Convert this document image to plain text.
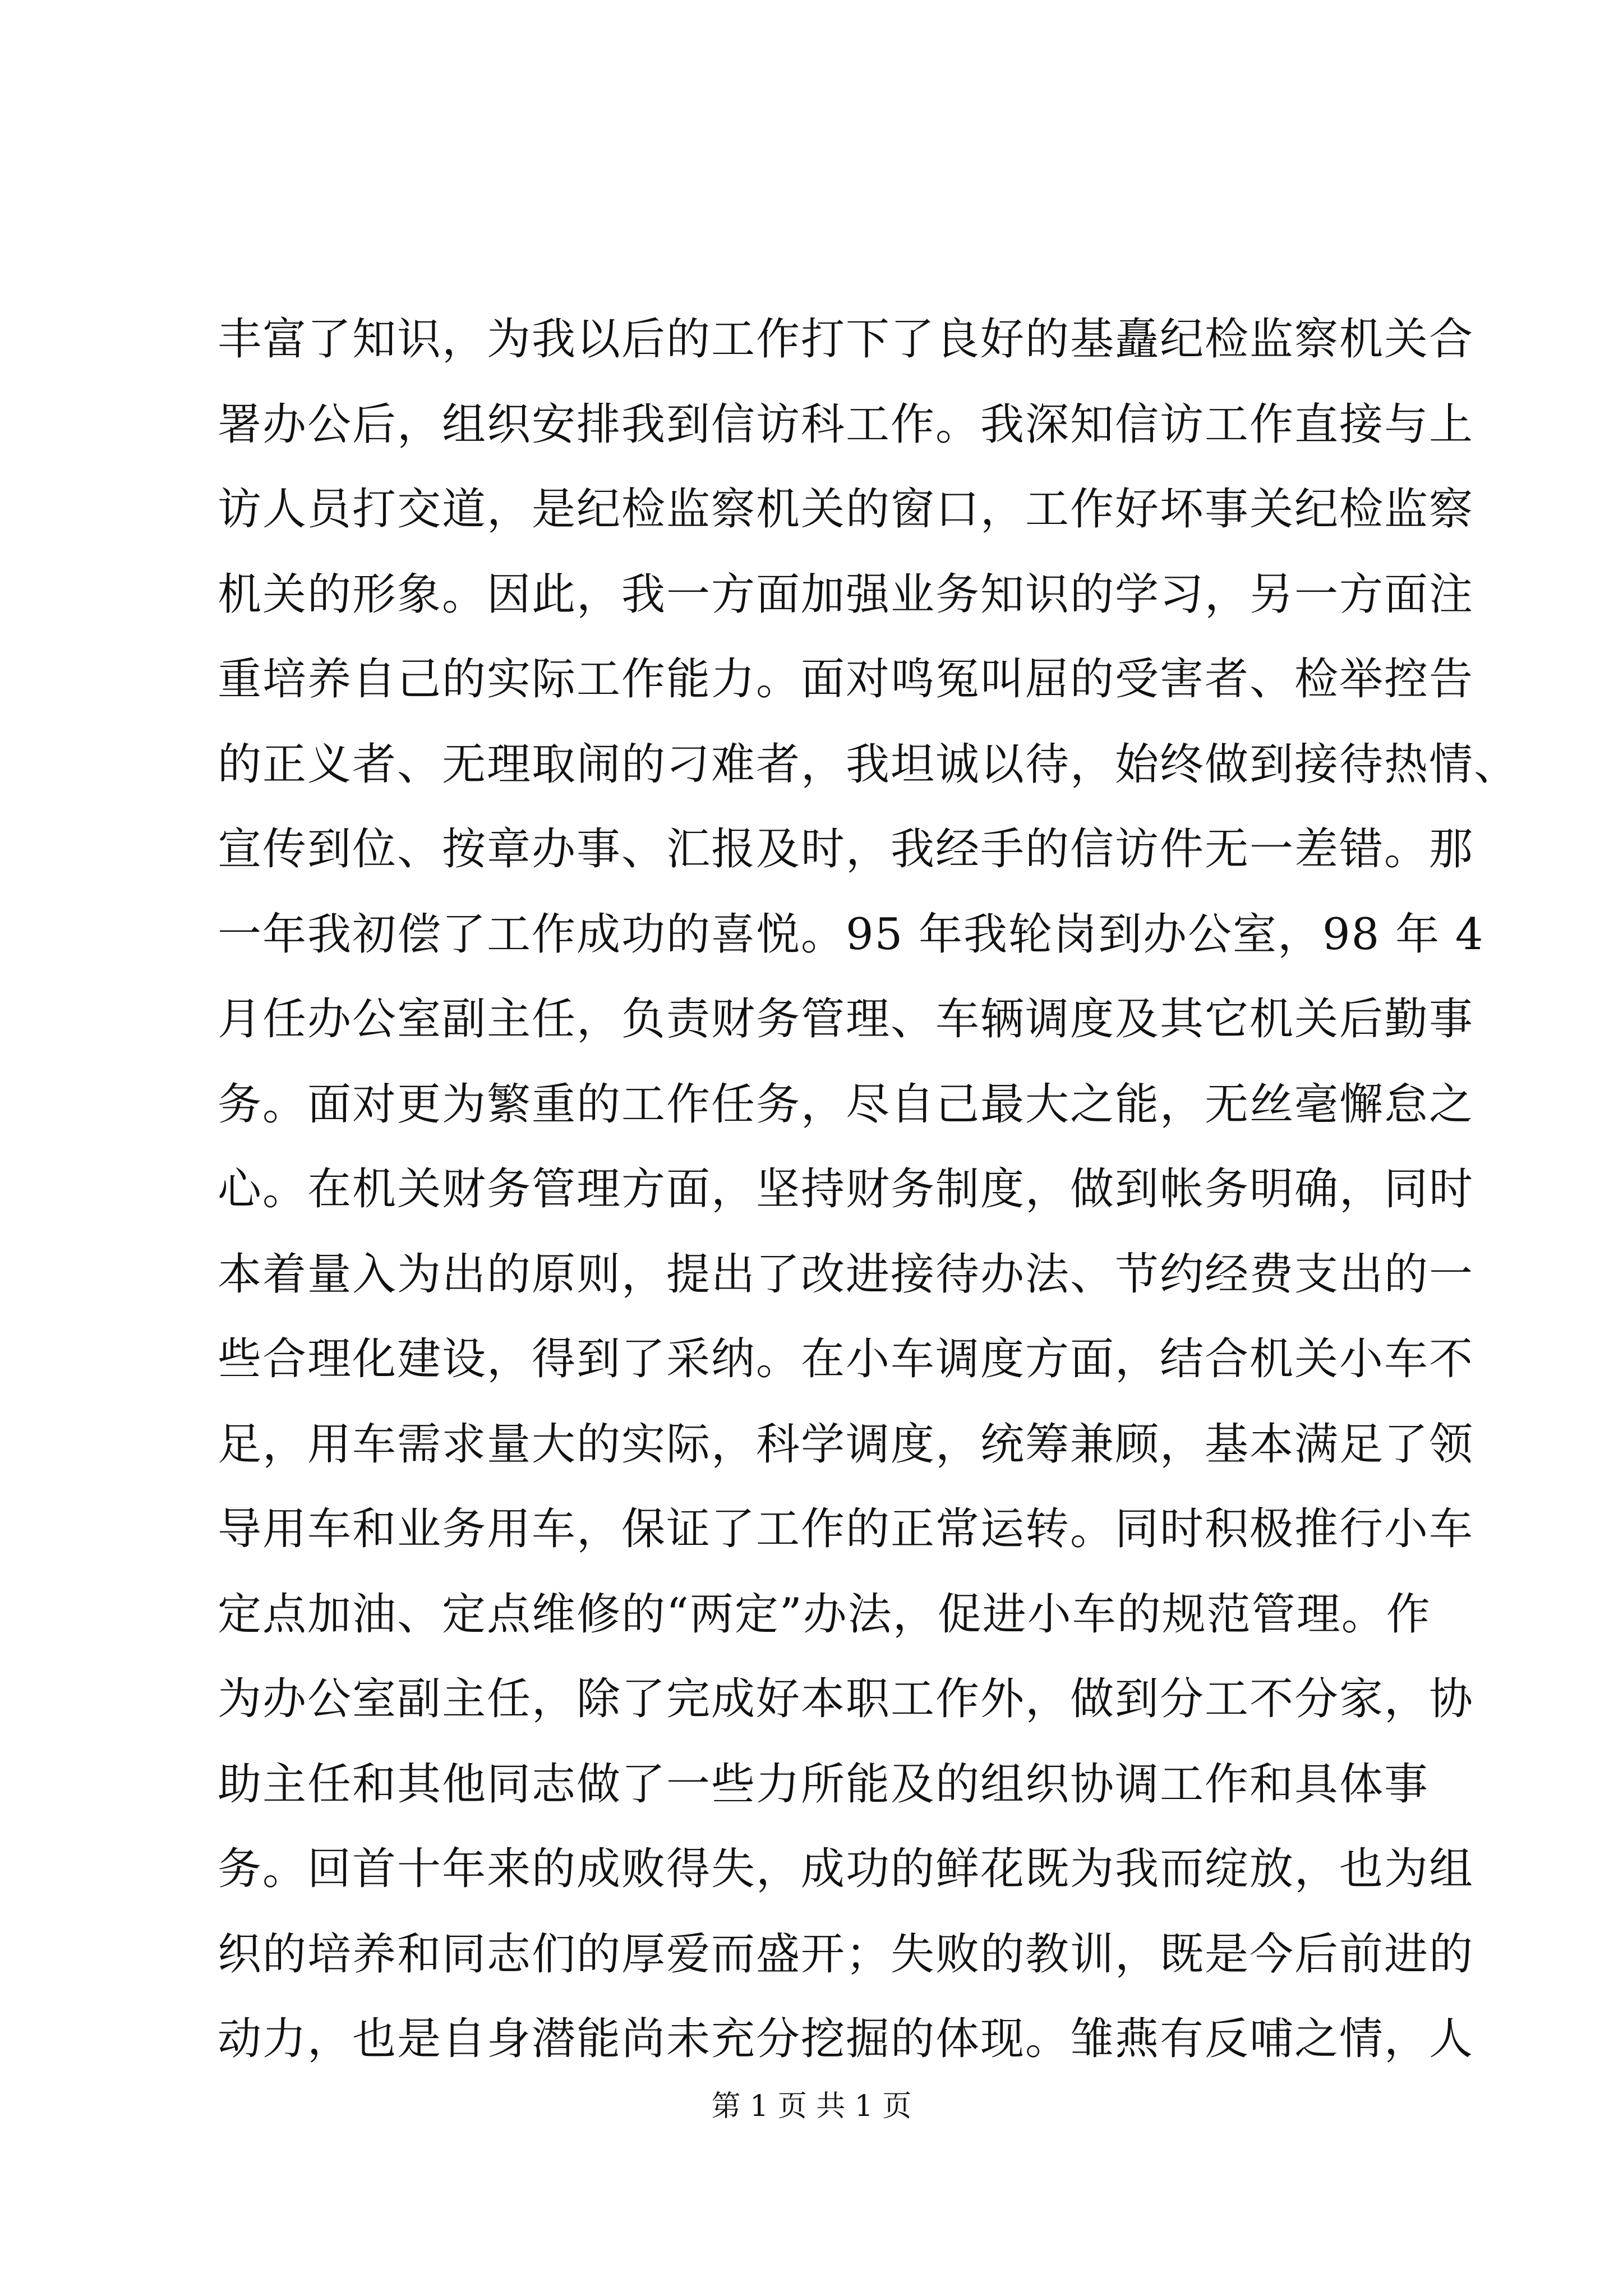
丰富了知识，为我以后的工作打下了良好的基矗纪检监察机关合
署办公后，组织安排我到信访科工作。我深知信访工作直接与上
访人员打交道，是纪检监察机关的窗口，工作好坏事关纪检监察
机关的形象。因此，我一方面加强业务知识的学习，另一方面注
重培养自己的实际工作能力。面对鸣冤叫屈的受害者、检举控告
的正义者、无理取闹的刁难者，我坦诚以待，始终做到接待热情、
宣传到位、按章办事、汇报及时，我经手的信访件无一差错。那
一年我初偿了工作成功的喜悦。95 年我轮岗到办公室，98 年 4
月任办公室副主任，负责财务管理、车辆调度及其它机关后勤事
务。面对更为繁重的工作任务，尽自己最大之能，无丝毫懈怠之
心。在机关财务管理方面，坚持财务制度，做到帐务明确，同时
本着量入为出的原则，提出了改进接待办法、节约经费支出的一
些合理化建设，得到了采纳。在小车调度方面，结合机关小车不
足，用车需求量大的实际，科学调度，统筹兼顾，基本满足了领
导用车和业务用车，保证了工作的正常运转。同时积极推行小车
定点加油、定点维修的“两定”办法，促进小车的规范管理。作
为办公室副主任，除了完成好本职工作外，做到分工不分家，协
助主任和其他同志做了一些力所能及的组织协调工作和具体事
务。回首十年来的成败得失，成功的鲜花既为我而绽放，也为组
织的培养和同志们的厚爱而盛开；失败的教训，既是今后前进的
动力，也是自身潜能尚未充分挖掘的体现。雏燕有反哺之情，人
第 1 页 共 1 页
